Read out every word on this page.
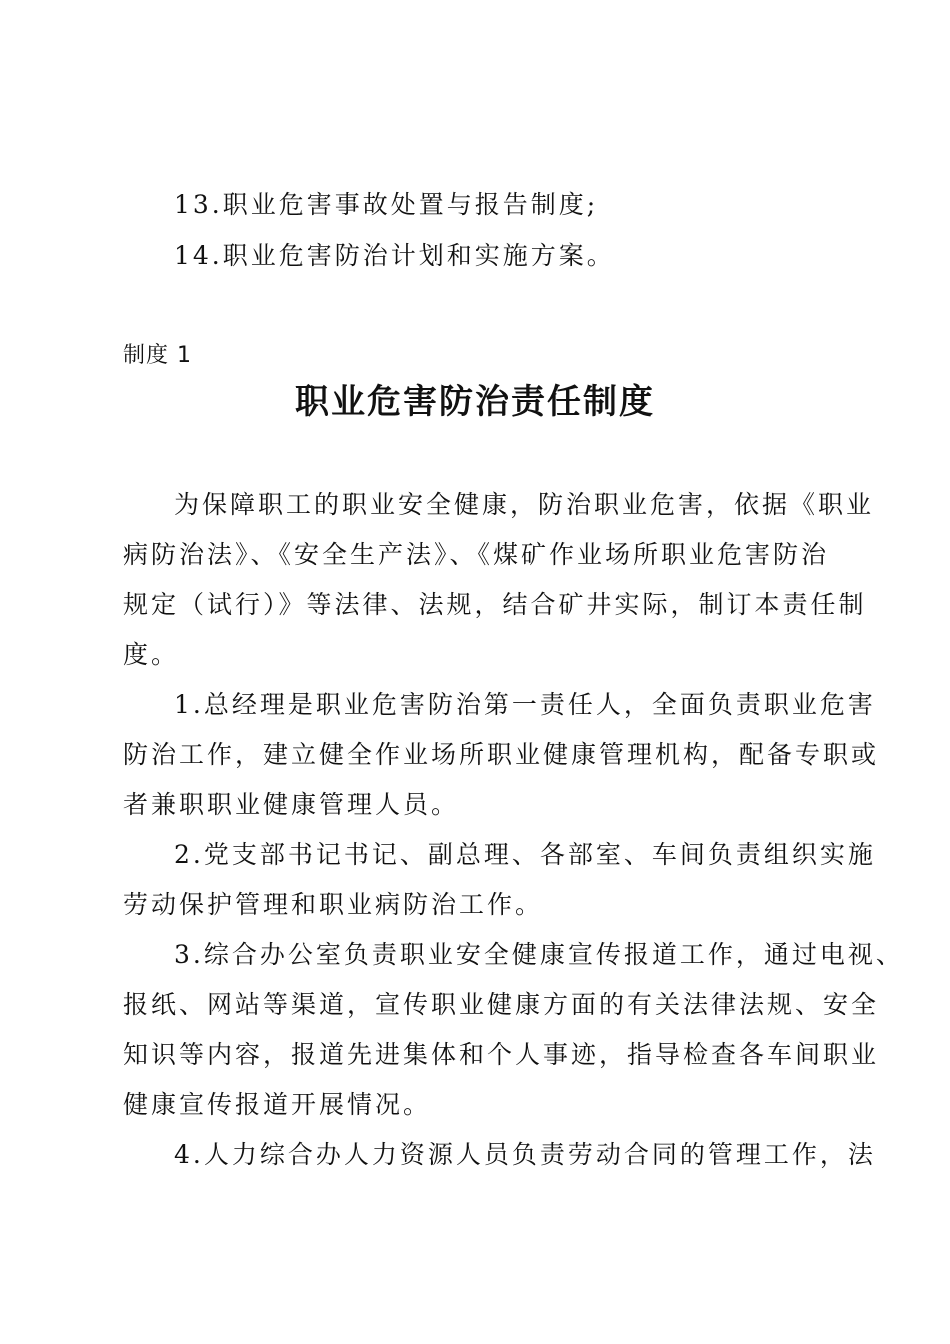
13.职业危害事故处置与报告制度;
14.职业危害防治计划和实施方案。
制度 1
职业危害防治责任制度
为保障职工的职业安全健康，防治职业危害，依据《职业
病防治法》、《安全生产法》、《煤矿作业场所职业危害防治
规定（试行）》等法律、法规，结合矿井实际，制订本责任制
度。
1.总经理是职业危害防治第一责任人，全面负责职业危害
防治工作，建立健全作业场所职业健康管理机构，配备专职或
者兼职职业健康管理人员。
2.党支部书记书记、副总理、各部室、车间负责组织实施
劳动保护管理和职业病防治工作。
3.综合办公室负责职业安全健康宣传报道工作，通过电视、
报纸、网站等渠道，宣传职业健康方面的有关法律法规、安全
知识等内容，报道先进集体和个人事迹，指导检查各车间职业
健康宣传报道开展情况。
4.人力综合办人力资源人员负责劳动合同的管理工作，法
